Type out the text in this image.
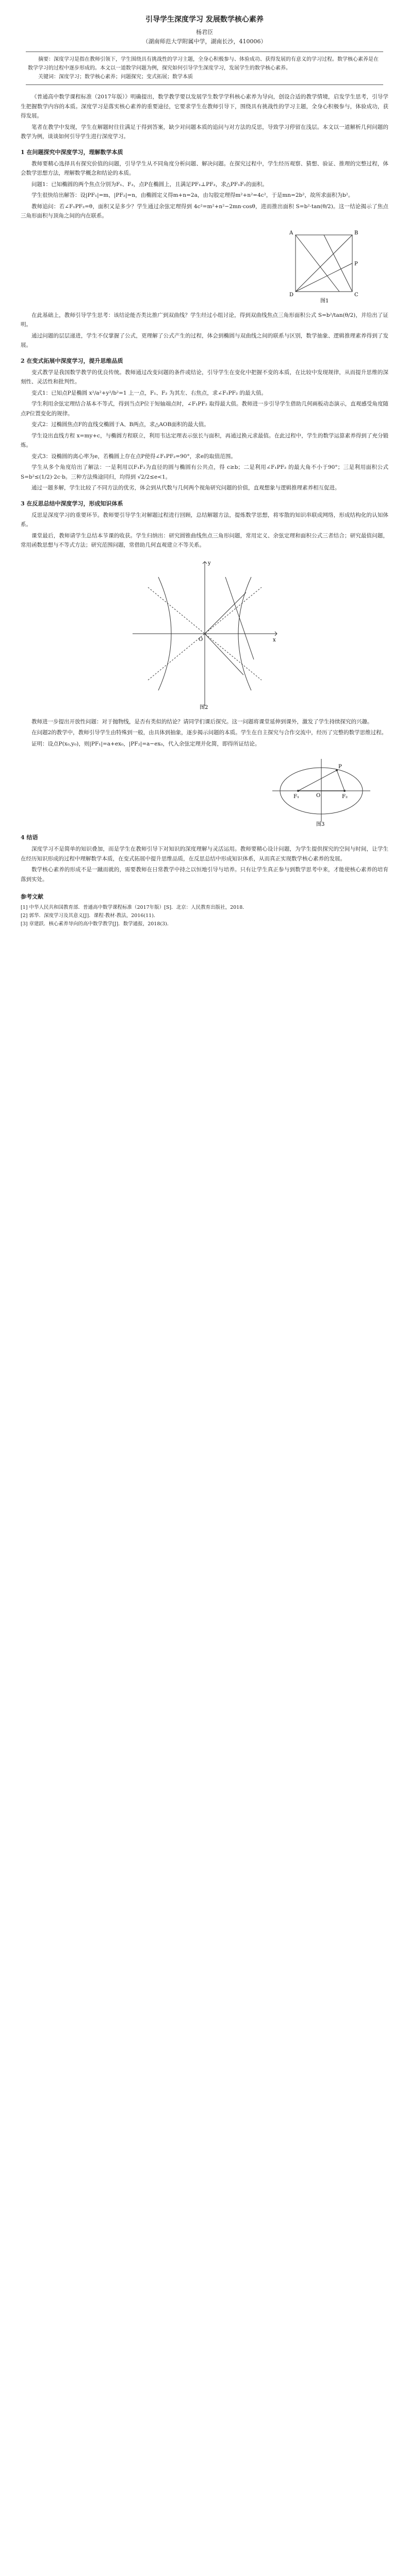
引导学生深度学习 发展数学核心素养
杨君臣
（湖南师范大学附属中学，湖南长沙，410006）

摘要：深度学习是指在教师引领下，学生围绕具有挑战性的学习主题，全身心积极参与、体验成功、获得发展的有意义的学习过程。数学核心素养是在数学学习的过程中逐步形成的。本文以一道数学问题为例，探究如何引导学生深度学习，发展学生的数学核心素养。

关键词：深度学习；数学核心素养；问题探究；变式拓展；数学本质

《普通高中数学课程标准（2017年版）》明确提出，数学教学要以发展学生数学学科核心素养为导向，创设合适的教学情境，启发学生思考，引导学生把握数学内容的本质。深度学习是落实核心素养的重要途径，它要求学生在教师引导下，围绕具有挑战性的学习主题，全身心积极参与，体验成功，获得发展。

笔者在教学中发现，学生在解题时往往满足于得到答案，缺少对问题本质的追问与对方法的反思，导致学习停留在浅层。本文以一道解析几何问题的教学为例，谈谈如何引导学生进行深度学习。

1 在问题探究中深度学习，理解数学本质

教师要精心选择具有探究价值的问题，引导学生从不同角度分析问题、解决问题。在探究过程中，学生经历观察、猜想、验证、推理的完整过程，体会数学思想方法，理解数学概念和结论的本质。

问题1：已知椭圆的两个焦点分别为F₁、F₂，点P在椭圆上，且满足PF₁⊥PF₂，求△PF₁F₂的面积。

学生很快给出解答：设|PF₁|=m，|PF₂|=n，由椭圆定义得m+n=2a，由勾股定理得m²+n²=4c²，于是mn=2b²，故所求面积为b²。

教师追问：若∠F₁PF₂=θ，面积又是多少？学生通过余弦定理得到 4c²=m²+n²−2mn·cosθ，进而推出面积 S=b²·tan(θ/2)。这一结论揭示了焦点三角形面积与顶角之间的内在联系。

A	B
C
D
P
图1

在此基础上，教师引导学生思考：该结论能否类比推广到双曲线？学生经过小组讨论，得到双曲线焦点三角形面积公式 S=b²/tan(θ/2)，并给出了证明。

通过问题的层层递进，学生不仅掌握了公式，更理解了公式产生的过程，体会到椭圆与双曲线之间的联系与区别，数学抽象、逻辑推理素养得到了发展。

2 在变式拓展中深度学习，提升思维品质

变式教学是我国数学教学的优良传统。教师通过改变问题的条件或结论，引导学生在变化中把握不变的本质，在比较中发现规律，从而提升思维的深刻性、灵活性和批判性。

变式1：已知点P是椭圆 x²/a²+y²/b²=1 上一点，F₁、F₂ 为其左、右焦点，求∠F₁PF₂ 的最大值。

学生利用余弦定理结合基本不等式，得到当点P位于短轴端点时，∠F₁PF₂ 取得最大值。教师进一步引导学生借助几何画板动态演示，直观感受角度随点P位置变化的规律。

变式2：过椭圆焦点F的直线交椭圆于A、B两点，求△AOB面积的最大值。

学生设出直线方程 x=my+c，与椭圆方程联立，利用韦达定理表示弦长与面积，再通过换元求最值。在此过程中，学生的数学运算素养得到了充分锻炼。

变式3：设椭圆的离心率为e，若椭圆上存在点P使得∠F₁PF₂=90°，求e的取值范围。

学生从多个角度给出了解法：一是利用以F₁F₂为直径的圆与椭圆有公共点，得 c≥b；二是利用∠F₁PF₂ 的最大角不小于90°；三是利用面积公式 S=b²≤(1/2)·2c·b。三种方法殊途同归，均得到 √2/2≤e<1。

通过一题多解，学生比较了不同方法的优劣，体会到从代数与几何两个视角研究问题的价值，直观想象与逻辑推理素养相互促进。

3 在反思总结中深度学习，形成知识体系

反思是深度学习的重要环节。教师要引导学生对解题过程进行回顾，总结解题方法，提炼数学思想，将零散的知识串联成网络，形成结构化的认知体系。

课堂最后，教师请学生总结本节课的收获。学生归纳出：研究圆锥曲线焦点三角形问题，常用定义、余弦定理和面积公式三者结合；研究最值问题，常用函数思想与不等式方法；研究范围问题，常借助几何直观建立不等关系。

x
y
O
图2

教师进一步提出开放性问题：对于抛物线，是否有类似的结论？请同学们课后探究。这一问题将课堂延伸到课外，激发了学生持续探究的兴趣。

在问题2的教学中，教师引导学生由特殊到一般，由具体到抽象，逐步揭示问题的本质。学生在自主探究与合作交流中，经历了完整的数学思维过程。

证明：设点P(x₀,y₀)，则|PF₁|=a+ex₀，|PF₂|=a−ex₀，代入余弦定理并化简，即得所证结论。

F₁	F₂
P
O
图3
4 结语

深度学习不是简单的知识叠加，而是学生在教师引导下对知识的深度理解与灵活运用。教师要精心设计问题，为学生提供探究的空间与时间，让学生在经历知识形成的过程中理解数学本质，在变式拓展中提升思维品质，在反思总结中形成知识体系，从而真正实现数学核心素养的发展。

数学核心素养的形成不是一蹴而就的，需要教师在日常教学中持之以恒地引导与培养。只有让学生真正参与到数学思考中来，才能使核心素养的培育落到实处。

参考文献

[1] 中华人民共和国教育部．普通高中数学课程标准（2017年版）[S]．北京：人民教育出版社，2018．

[2] 郭华．深度学习及其意义[J]．课程·教材·教法，2016(11)．

[3] 章建跃．核心素养导向的高中数学教学[J]．数学通报，2018(3)．
